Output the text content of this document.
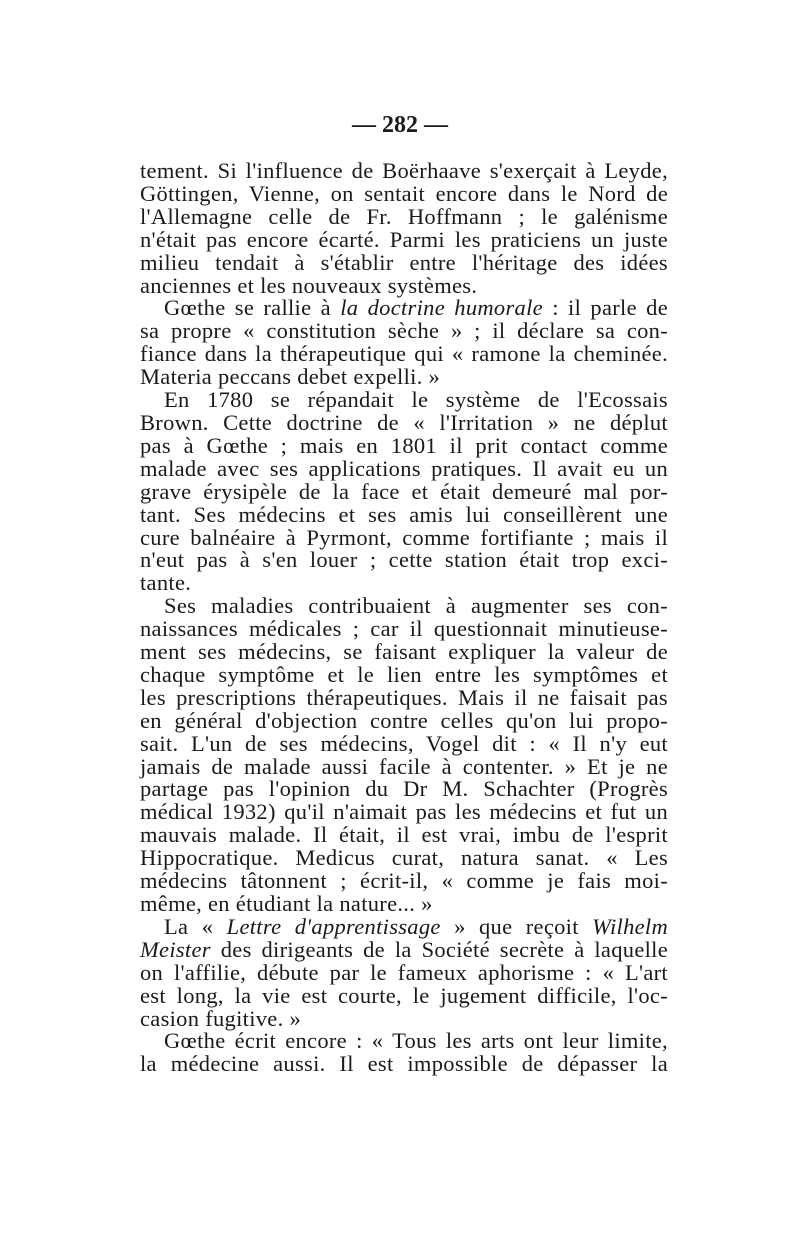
— 282 —
tement. Si l'influence de Boërhaave s'exerçait à Leyde,
Göttingen, Vienne, on sentait encore dans le Nord de
l'Allemagne celle de Fr. Hoffmann ; le galénisme
n'était pas encore écarté. Parmi les praticiens un juste
milieu tendait à s'établir entre l'héritage des idées
anciennes et les nouveaux systèmes.
Gœthe se rallie à la doctrine humorale : il parle de
sa propre « constitution sèche » ; il déclare sa con-
fiance dans la thérapeutique qui « ramone la cheminée.
Materia peccans debet expelli. »
En 1780 se répandait le système de l'Ecossais
Brown. Cette doctrine de « l'Irritation » ne déplut
pas à Gœthe ; mais en 1801 il prit contact comme
malade avec ses applications pratiques. Il avait eu un
grave érysipèle de la face et était demeuré mal por-
tant. Ses médecins et ses amis lui conseillèrent une
cure balnéaire à Pyrmont, comme fortifiante ; mais il
n'eut pas à s'en louer ; cette station était trop exci-
tante.
Ses maladies contribuaient à augmenter ses con-
naissances médicales ; car il questionnait minutieuse-
ment ses médecins, se faisant expliquer la valeur de
chaque symptôme et le lien entre les symptômes et
les prescriptions thérapeutiques. Mais il ne faisait pas
en général d'objection contre celles qu'on lui propo-
sait. L'un de ses médecins, Vogel dit : « Il n'y eut
jamais de malade aussi facile à contenter. » Et je ne
partage pas l'opinion du Dr M. Schachter (Progrès
médical 1932) qu'il n'aimait pas les médecins et fut un
mauvais malade. Il était, il est vrai, imbu de l'esprit
Hippocratique. Medicus curat, natura sanat. « Les
médecins tâtonnent ; écrit-il, « comme je fais moi-
même, en étudiant la nature... »
La « Lettre d'apprentissage » que reçoit Wilhelm
Meister des dirigeants de la Société secrète à laquelle
on l'affilie, débute par le fameux aphorisme : « L'art
est long, la vie est courte, le jugement difficile, l'oc-
casion fugitive. »
Gœthe écrit encore : « Tous les arts ont leur limite,
la médecine aussi. Il est impossible de dépasser la
